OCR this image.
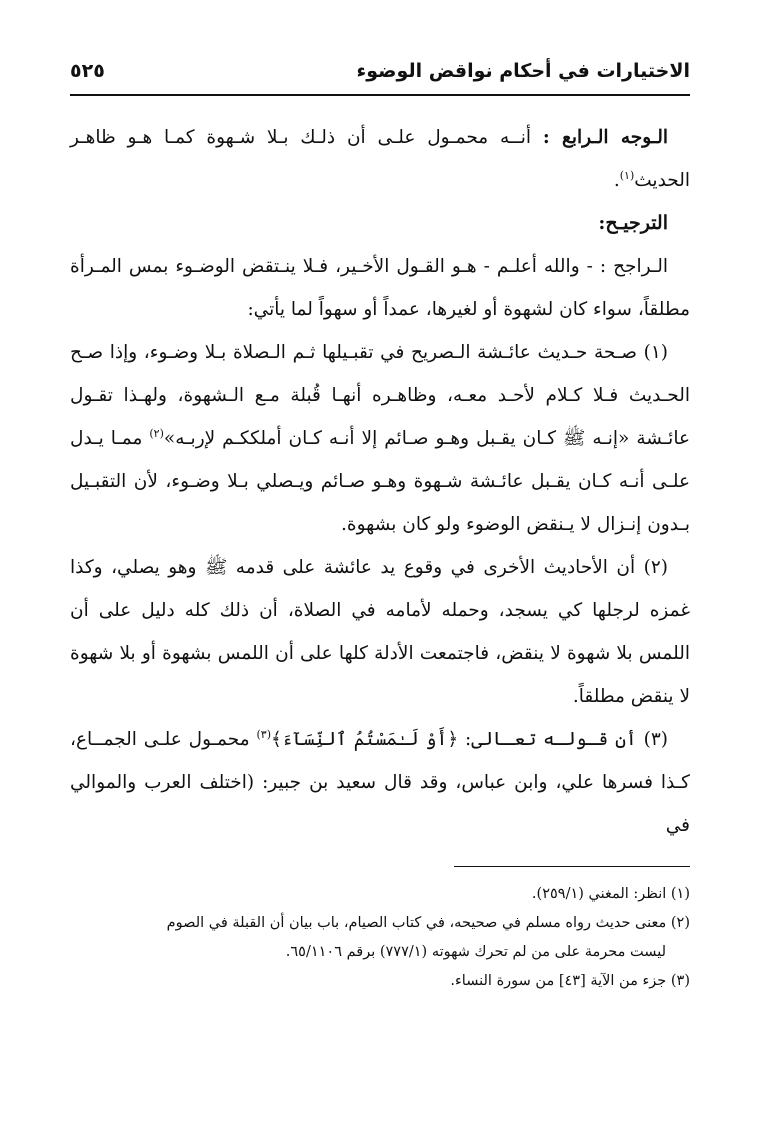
الاختيارات في أحكام نواقض الوضوء
٥٢٥

الـوجه الـرابع : أنــه محمـول علـى أن ذلـك بـلا شـهوة كمـا هـو ظاهـر الحديث$^{(١)}$.

الترجيـح:

الـراجح : - والله أعلـم - هـو القـول الأخـير، فـلا ينـتقض الوضـوء بمس المـرأة مطلقاً، سواء كان لشهوة أو لغيرها، عمداً أو سهواً لما يأتي:

(١) صـحة حـديث عائـشة الـصريح في تقبـيلها ثـم الـصلاة بـلا وضـوء، وإذا صـح الحـديث فـلا كـلام لأحـد معـه، وظاهـره أنهـا قُبلة مـع الـشهوة، ولهـذا تقـول عائـشة «إنـه ﷺ كـان يقـبل وهـو صـائم إلا أنـه كـان أملككـم لإربـه»$^{(٢)}$ ممـا يـدل علـى أنـه كـان يقـبل عائـشة شـهوة وهـو صـائم ويـصلي بـلا وضـوء، لأن التقبـيل بـدون إنـزال لا يـنقض الوضوء ولو كان بشهوة.

(٢) أن الأحاديث الأخرى في وقوع يد عائشة على قدمه ﷺ وهو يصلي، وكذا غمزه لرجلها كي يسجد، وحمله لأمامه في الصلاة، أن ذلك كله دليل على أن اللمس بلا شهوة لا ينقض، فاجتمعت الأدلة كلها على أن اللمس بشهوة أو بلا شهوة لا ينقض مطلقاً.

(٣) أن قـولـه تعـالى: ﴿أَوْ لَـٰمَسْتُمُ ٱلنِّسَآءَ﴾$^{(٣)}$ محمـول علـى الجمــاع، كـذا فسرها علي، وابن عباس، وقد قال سعيد بن جبير: (اختلف العرب والموالي في

(١) انظر: المغني (٢٥٩/١).

(٢) معنى حديث رواه مسلم في صحيحه، في كتاب الصيام، باب بيان أن القبلة في الصوم

ليست محرمة على من لم تحرك شهوته (٧٧٧/١) برقم ٦٥/١١٠٦.

(٣) جزء من الآية [٤٣] من سورة النساء.
